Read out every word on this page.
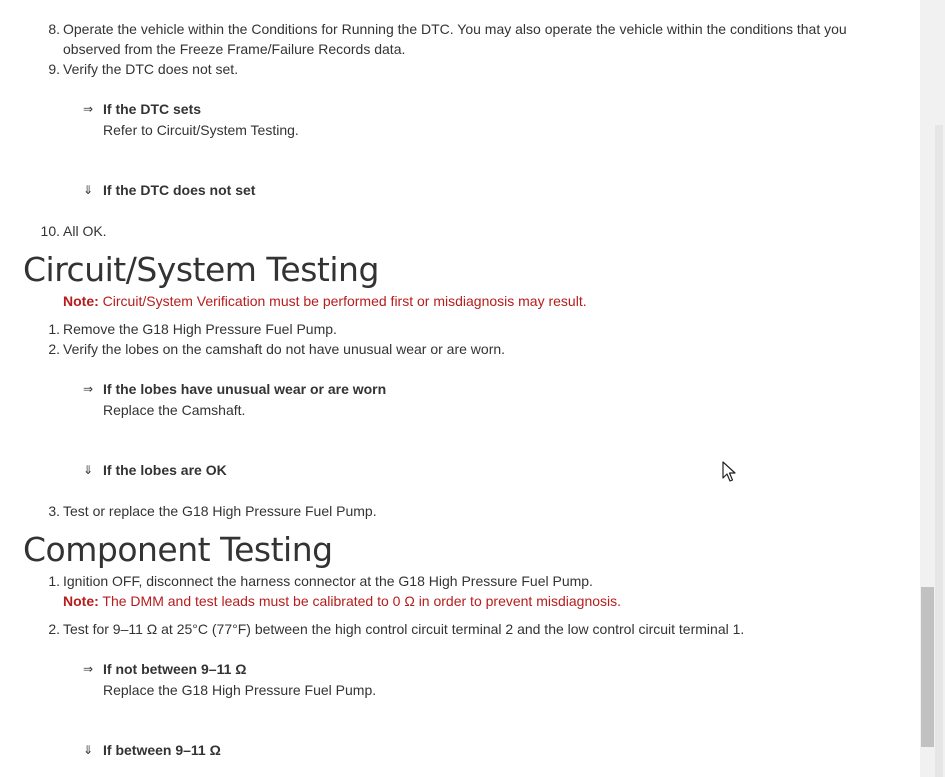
8. Operate the vehicle within the Conditions for Running the DTC. You may also operate the vehicle within the conditions that you
observed from the Freeze Frame/Failure Records data.
9. Verify the DTC does not set.
⇒ If the DTC sets
Refer to Circuit/System Testing.
⇓ If the DTC does not set
10. All OK.
Circuit/System Testing
Note: Circuit/System Verification must be performed first or misdiagnosis may result.
1. Remove the G18 High Pressure Fuel Pump.
2. Verify the lobes on the camshaft do not have unusual wear or are worn.
⇒ If the lobes have unusual wear or are worn
Replace the Camshaft.
⇓ If the lobes are OK
3. Test or replace the G18 High Pressure Fuel Pump.
Component Testing
1. Ignition OFF, disconnect the harness connector at the G18 High Pressure Fuel Pump.
Note: The DMM and test leads must be calibrated to 0 Ω in order to prevent misdiagnosis.
2. Test for 9–11 Ω at 25°C (77°F) between the high control circuit terminal 2 and the low control circuit terminal 1.
⇒ If not between 9–11 Ω
Replace the G18 High Pressure Fuel Pump.
⇓ If between 9–11 Ω
